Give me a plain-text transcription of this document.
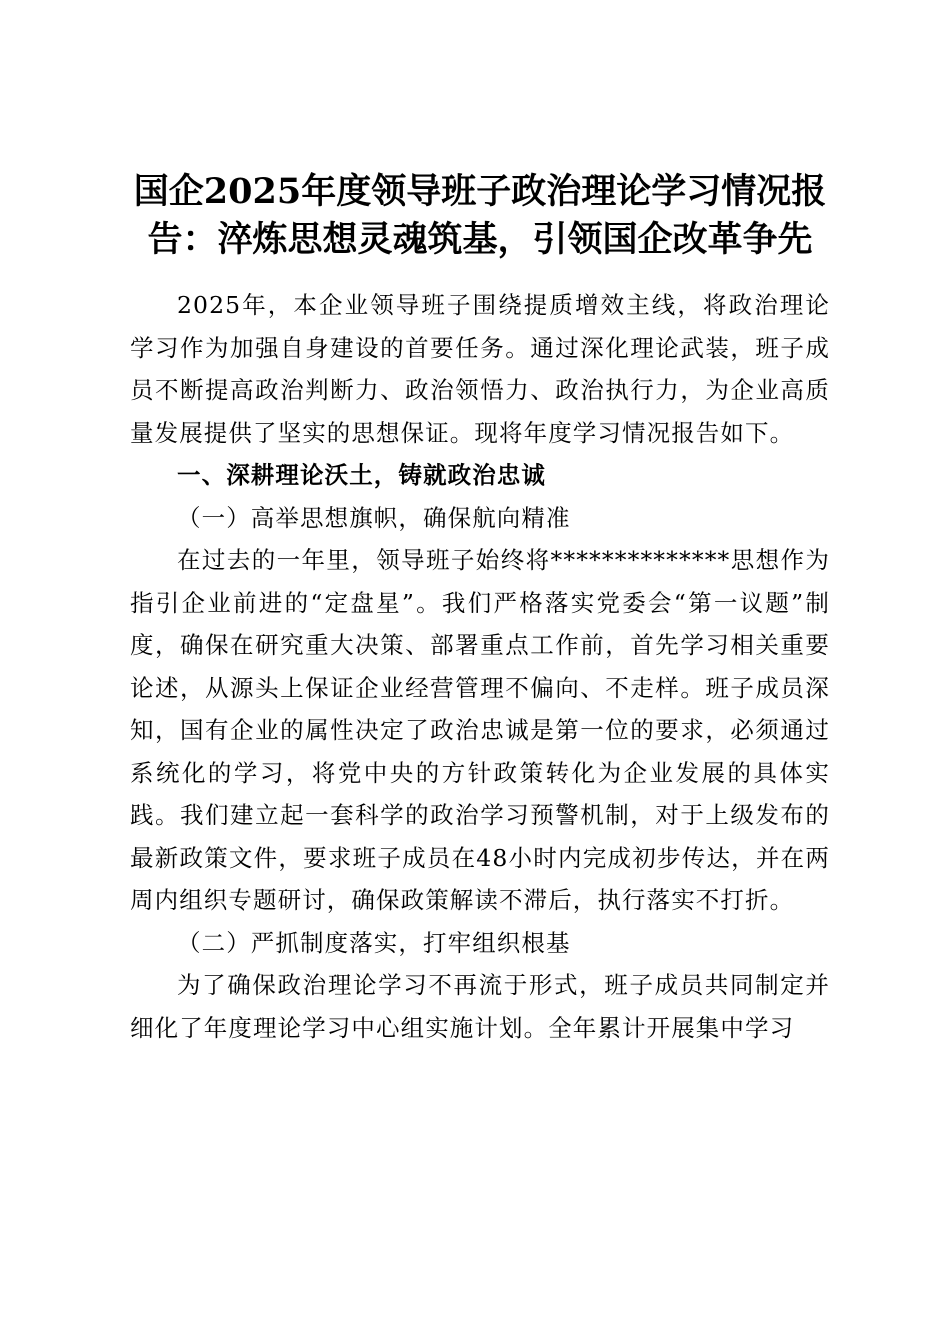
国企2025年度领导班子政治理论学习情况报
告：淬炼思想灵魂筑基，引领国企改革争先

2025年，本企业领导班子围绕提质增效主线，将政治理论学习作为加强自身建设的首要任务。通过深化理论武装，班子成员不断提高政治判断力、政治领悟力、政治执行力，为企业高质量发展提供了坚实的思想保证。现将年度学习情况报告如下。

一、深耕理论沃土，铸就政治忠诚

（一）高举思想旗帜，确保航向精准

在过去的一年里，领导班子始终将**************思想作为指引企业前进的“定盘星”。我们严格落实党委会“第一议题”制度，确保在研究重大决策、部署重点工作前，首先学习相关重要论述，从源头上保证企业经营管理不偏向、不走样。班子成员深知，国有企业的属性决定了政治忠诚是第一位的要求，必须通过系统化的学习，将党中央的方针政策转化为企业发展的具体实践。我们建立起一套科学的政治学习预警机制，对于上级发布的最新政策文件，要求班子成员在48小时内完成初步传达，并在两周内组织专题研讨，确保政策解读不滞后，执行落实不打折。

（二）严抓制度落实，打牢组织根基

为了确保政治理论学习不再流于形式，班子成员共同制定并细化了年度理论学习中心组实施计划。全年累计开展集中学习
